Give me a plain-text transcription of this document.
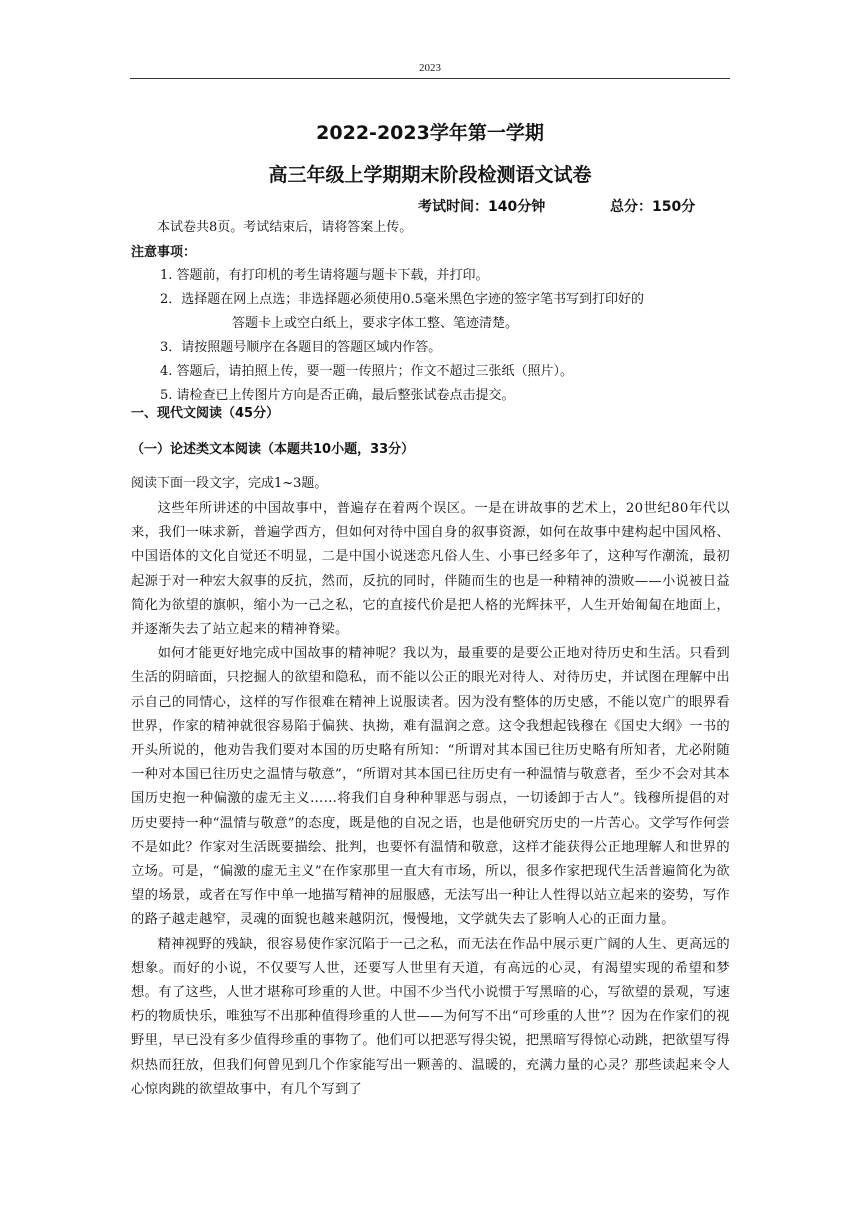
2023
2022-2023学年第一学期
高三年级上学期期末阶段检测语文试卷
考试时间：140分钟	总分：150分
本试卷共8页。考试结束后，请将答案上传。
注意事项：
1. 答题前，有打印机的考生请将题与题卡下载，并打印。
2．选择题在网上点选；非选择题必须使用0.5毫米黑色字迹的签字笔书写到打印好的
答题卡上或空白纸上，要求字体工整、笔迹清楚。
3．请按照题号顺序在各题目的答题区域内作答。
4. 答题后，请拍照上传，要一题一传照片；作文不超过三张纸（照片）。
5. 请检查已上传图片方向是否正确，最后整张试卷点击提交。
一、现代文阅读（45分）
（一）论述类文本阅读（本题共10小题，33分）
阅读下面一段文字，完成1~3题。

这些年所讲述的中国故事中，普遍存在着两个误区。一是在讲故事的艺术上，20世纪80年代以来，我们一味求新，普遍学西方，但如何对待中国自身的叙事资源，如何在故事中建构起中国风格、中国语体的文化自觉还不明显，二是中国小说迷恋凡俗人生、小事已经多年了，这种写作潮流，最初起源于对一种宏大叙事的反抗，然而，反抗的同时，伴随而生的也是一种精神的溃败——小说被日益简化为欲望的旗帜，缩小为一己之私，它的直接代价是把人格的光辉抹平，人生开始匍匐在地面上，并逐渐失去了站立起来的精神脊梁。

如何才能更好地完成中国故事的精神呢？我以为，最重要的是要公正地对待历史和生活。只看到生活的阴暗面，只挖掘人的欲望和隐私，而不能以公正的眼光对待人、对待历史，并试图在理解中出示自己的同情心，这样的写作很难在精神上说服读者。因为没有整体的历史感，不能以宽广的眼界看世界，作家的精神就很容易陷于偏狭、执拗，难有温润之意。这令我想起钱穆在《国史大纲》一书的开头所说的，他劝告我们要对本国的历史略有所知：“所谓对其本国已往历史略有所知者，尤必附随一种对本国已往历史之温情与敬意”，“所谓对其本国已往历史有一种温情与敬意者，至少不会对其本国历史抱一种偏激的虚无主义……将我们自身种种罪恶与弱点，一切诿卸于古人”。钱穆所提倡的对历史要持一种“温情与敬意”的态度，既是他的自况之语，也是他研究历史的一片苦心。文学写作何尝不是如此？作家对生活既要描绘、批判，也要怀有温情和敬意，这样才能获得公正地理解人和世界的立场。可是，“偏激的虚无主义”在作家那里一直大有市场，所以，很多作家把现代生活普遍简化为欲望的场景，或者在写作中单一地描写精神的屈服感，无法写出一种让人性得以站立起来的姿势，写作的路子越走越窄，灵魂的面貌也越来越阴沉，慢慢地，文学就失去了影响人心的正面力量。

精神视野的残缺，很容易使作家沉陷于一己之私，而无法在作品中展示更广阔的人生、更高远的想象。而好的小说，不仅要写人世，还要写人世里有天道，有高远的心灵，有渴望实现的希望和梦想。有了这些，人世才堪称可珍重的人世。中国不少当代小说惯于写黑暗的心，写欲望的景观，写速朽的物质快乐，唯独写不出那种值得珍重的人世——为何写不出“可珍重的人世”？因为在作家们的视野里，早已没有多少值得珍重的事物了。他们可以把恶写得尖锐，把黑暗写得惊心动跳，把欲望写得炽热而狂放，但我们何曾见到几个作家能写出一颗善的、温暖的，充满力量的心灵？那些读起来令人心惊肉跳的欲望故事中，有几个写到了
